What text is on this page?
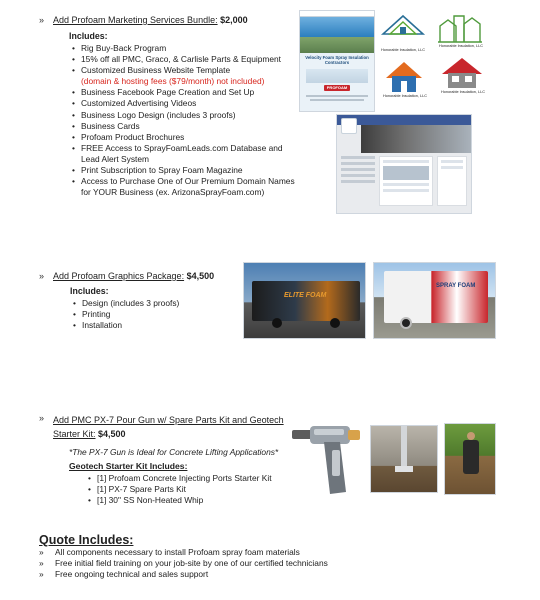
» Add Profoam Marketing Services Bundle: $2,000
Includes:
• Rig Buy-Back Program
• 15% off all PMC, Graco, & Carlisle Parts & Equipment
• Customized Business Website Template
(domain & hosting fees ($79/month) not included)
• Business Facebook Page Creation and Set Up
• Customized Advertising Videos
• Business Logo Design (includes 3 proofs)
• Business Cards
• Profoam Product Brochures
• FREE Access to SprayFoamLeads.com Database and
Lead Alert System
• Print Subscription to Spray Foam Magazine
• Access to Purchase One of Our Premium Domain Names
for YOUR Business (ex. ArizonaSprayFoam.com)
Velocity Foam Spray Insulation Contractors
PROFOAM
Honorable Insulation, LLC
Honorable Insulation, LLC
Honorable Insulation, LLC
Honorable Insulation, LLC
» Add Profoam Graphics Package: $4,500
Includes:
• Design (includes 3 proofs)
• Printing
• Installation
ELITE FOAM
SPRAY FOAM
» Add PMC PX-7 Pour Gun w/ Spare Parts Kit and Geotech
Starter Kit: $4,500
*The PX-7 Gun is Ideal for Concrete Lifting Applications*
Geotech Starter Kit Includes:
• [1] Profoam Concrete Injecting Ports Starter Kit
• [1] PX-7 Spare Parts Kit
• [1] 30" SS Non-Heated Whip
Quote Includes:
» All components necessary to install Profoam spray foam materials
» Free initial field training on your job-site by one of our certified technicians
» Free ongoing technical and sales support
